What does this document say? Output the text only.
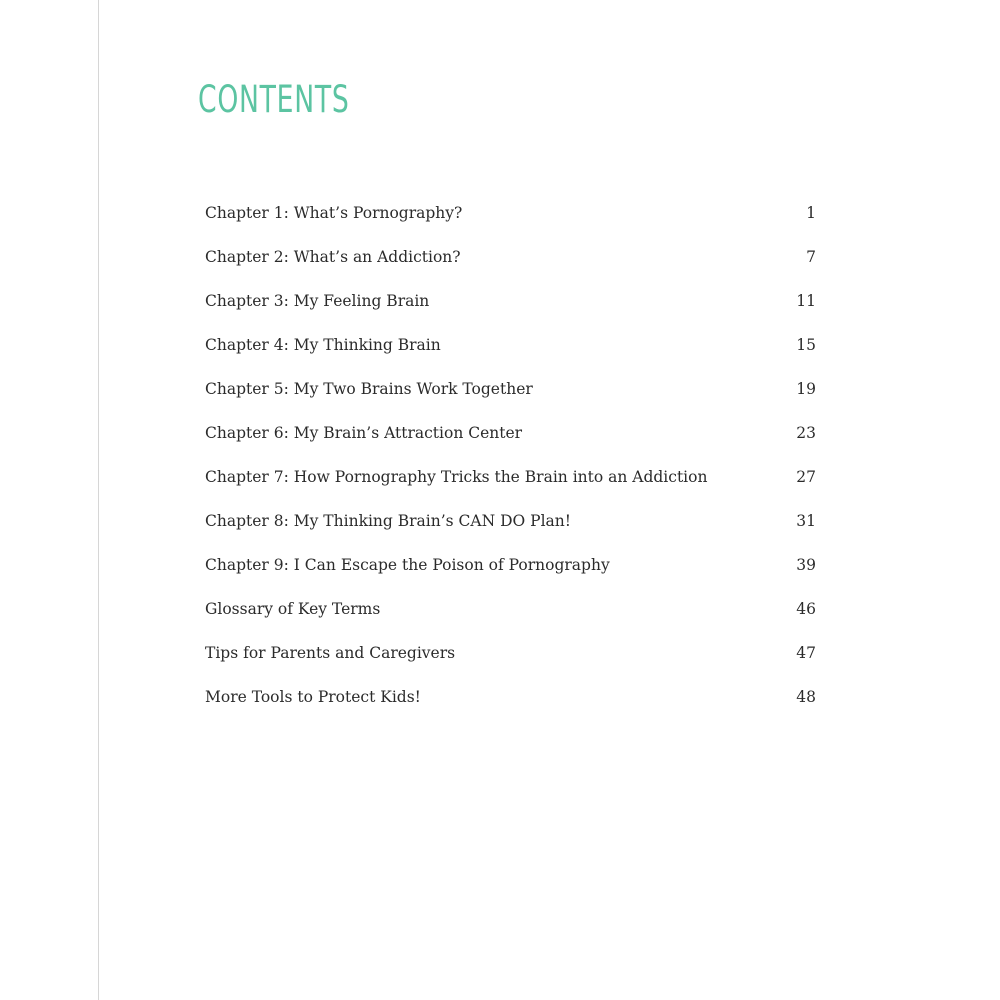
CONTENTS
Chapter 1: What’s Pornography?	1
Chapter 2: What’s an Addiction?	7
Chapter 3: My Feeling Brain	11
Chapter 4: My Thinking Brain	15
Chapter 5: My Two Brains Work Together	19
Chapter 6: My Brain’s Attraction Center	23
Chapter 7: How Pornography Tricks the Brain into an Addiction	27
Chapter 8: My Thinking Brain’s CAN DO Plan!	31
Chapter 9: I Can Escape the Poison of Pornography	39
Glossary of Key Terms	46
Tips for Parents and Caregivers	47
More Tools to Protect Kids!	48
